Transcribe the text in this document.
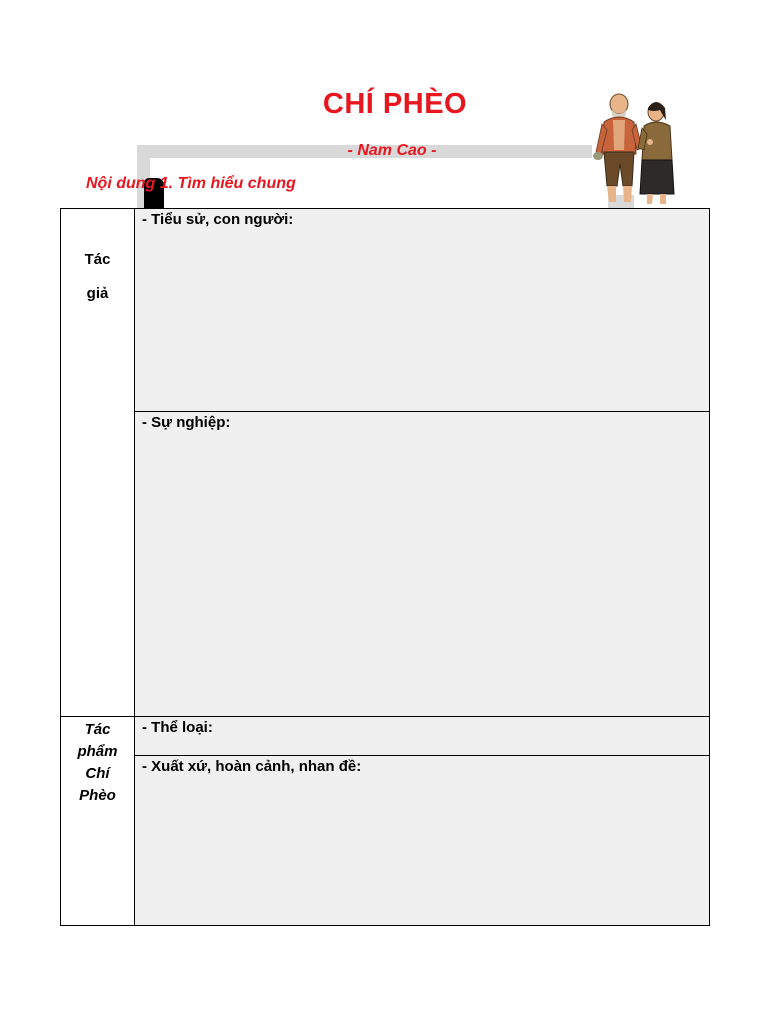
CHÍ PHÈO
- Nam Cao -
Nội dung 1. Tìm hiểu chung
Tác
giả	- Tiểu sử, con người:
	- Sự nghiệp:

Tác
phẩm
Chí
Phèo	- Thể loại:
	- Xuất xứ, hoàn cảnh, nhan đề:
